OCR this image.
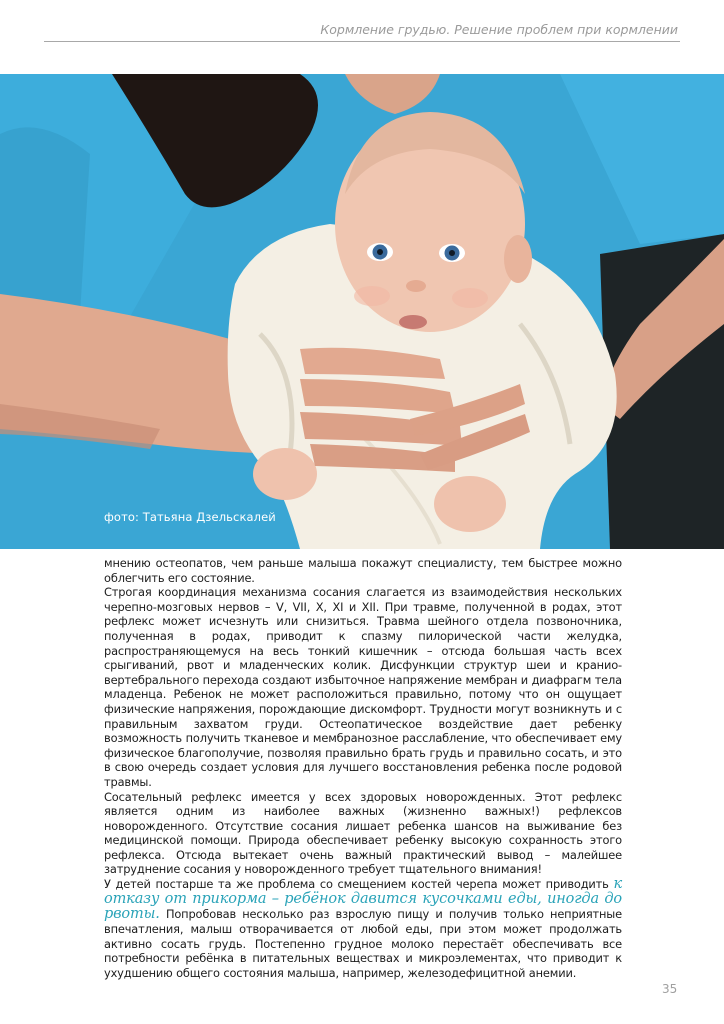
Кормление грудью. Решение проблем при кормлении
фото: Татьяна Дзельскалей

мнению остеопатов, чем раньше малыша покажут специалисту, тем быстрее можно облегчить его состояние.

Строгая координация механизма сосания слагается из взаимодействия нескольких черепно-мозговых нервов – V, VII, X, XI и XII. При травме, полученной в родах, этот рефлекс может исчезнуть или снизиться. Травма шейного отдела позвоночника, полученная в родах, приводит к спазму пилорической части желудка, распространяющемуся на весь тонкий кишечник – отсюда большая часть всех срыгиваний, рвот и младенческих колик. Дисфункции структур шеи и кранио-вертебрального перехода создают избыточное напряжение мембран и диафрагм тела младенца. Ребенок не может расположиться правильно, потому что он ощущает физические напряжения, порождающие дискомфорт. Трудности могут возникнуть и с правильным захватом груди. Остеопатическое воздействие дает ребенку возможность получить тканевое и мембранозное расслабление, что обеспечивает ему физическое благополучие, позволяя правильно брать грудь и правильно сосать, и это в свою очередь создает условия для лучшего восстановления ребенка после родовой травмы.

Сосательный рефлекс имеется у всех здоровых новорожденных. Этот рефлекс является одним из наиболее важных (жизненно важных!) рефлексов новорожденного. Отсутствие сосания лишает ребенка шансов на выживание без медицинской помощи. Природа обеспечивает ребенку высокую сохранность этого рефлекса. Отсюда вытекает очень важный практический вывод – малейшее затруднение сосания у новорожденного требует тщательного внимания!

У детей постарше та же проблема со смещением костей черепа может приводить к отказу от прикорма – ребёнок давится кусочками еды, иногда до рвоты. Попробовав несколько раз взрослую пищу и получив только неприятные впечатления, малыш отворачивается от любой еды, при этом может продолжать активно сосать грудь. Постепенно грудное молоко перестаёт обеспечивать все потребности ребёнка в питательных веществах и микроэлементах, что приводит к ухудшению общего состояния малыша, например, железодефицитной анемии.

35
